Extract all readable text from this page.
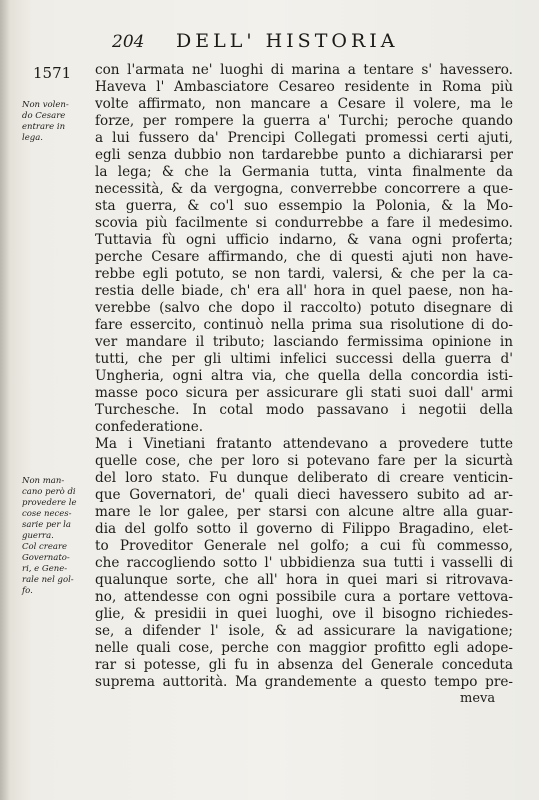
204 DELL' HISTORIA
1571
Non volen-
do Cesare
entrare in
lega.
Non man-
cano però di
provedere le
cose neces-
sarie per la
guerra.
Col creare
Governato-
ri, e Gene-
rale nel gol-
fo.
con l'armata ne' luoghi di marina a tentare s' havessero.
Haveva l' Ambasciatore Cesareo residente in Roma più
volte affirmato, non mancare a Cesare il volere, ma le
forze, per rompere la guerra a' Turchi; peroche quando
a lui fussero da' Prencipi Collegati promessi certi ajuti,
egli senza dubbio non tardarebbe punto a dichiararsi per
la lega; & che la Germania tutta, vinta finalmente da
necessità, & da vergogna, converrebbe concorrere a que-
sta guerra, & co'l suo essempio la Polonia, & la Mo-
scovia più facilmente si condurrebbe a fare il medesimo.
Tuttavia fù ogni ufficio indarno, & vana ogni proferta;
perche Cesare affirmando, che di questi ajuti non have-
rebbe egli potuto, se non tardi, valersi, & che per la ca-
restia delle biade, ch' era all' hora in quel paese, non ha-
verebbe (salvo che dopo il raccolto) potuto disegnare di
fare essercito, continuò nella prima sua risolutione di do-
ver mandare il tributo; lasciando fermissima opinione in
tutti, che per gli ultimi infelici successi della guerra d'
Ungheria, ogni altra via, che quella della concordia isti-
masse poco sicura per assicurare gli stati suoi dall' armi
Turchesche. In cotal modo passavano i negotii della
confederatione.
Ma i Vinetiani fratanto attendevano a provedere tutte
quelle cose, che per loro si potevano fare per la sicurtà
del loro stato. Fu dunque deliberato di creare venticin-
que Governatori, de' quali dieci havessero subito ad ar-
mare le lor galee, per starsi con alcune altre alla guar-
dia del golfo sotto il governo di Filippo Bragadino, elet-
to Proveditor Generale nel golfo; a cui fù commesso,
che raccogliendo sotto l' ubbidienza sua tutti i vasselli di
qualunque sorte, che all' hora in quei mari si ritrovava-
no, attendesse con ogni possibile cura a portare vettova-
glie, & presidii in quei luoghi, ove il bisogno richiedes-
se, a difender l' isole, & ad assicurare la navigatione;
nelle quali cose, perche con maggior profitto egli adope-
rar si potesse, gli fu in absenza del Generale conceduta
suprema auttorità. Ma grandemente a questo tempo pre-
meva
